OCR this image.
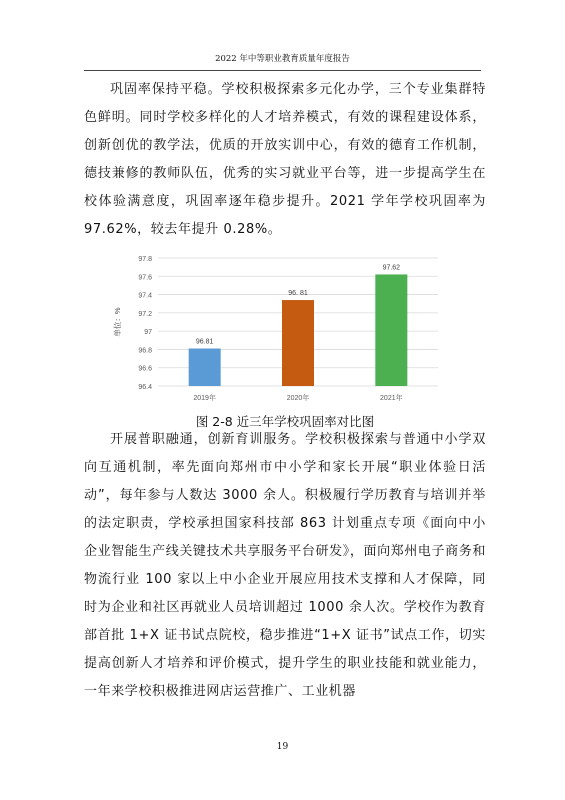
2022 年中等职业教育质量年度报告

巩固率保持平稳。学校积极探索多元化办学，三个专业集群特色鲜明。同时学校多样化的人才培养模式，有效的课程建设体系，创新创优的教学法，优质的开放实训中心，有效的德育工作机制，德技兼修的教师队伍，优秀的实习就业平台等，进一步提高学生在校体验满意度，巩固率逐年稳步提升。2021 学年学校巩固率为 97.62%，较去年提升 0.28%。

96.4
96.6
96.8
97
97.2
97.4
97.6
97.8
单位：%
96.81
2019年
96. 81
2020年
97.62
2021年
图 2-8 近三年学校巩固率对比图

开展普职融通，创新育训服务。学校积极探索与普通中小学双向互通机制，率先面向郑州市中小学和家长开展“职业体验日活动”，每年参与人数达 3000 余人。积极履行学历教育与培训并举的法定职责，学校承担国家科技部 863 计划重点专项《面向中小企业智能生产线关键技术共享服务平台研发》，面向郑州电子商务和物流行业 100 家以上中小企业开展应用技术支撑和人才保障，同时为企业和社区再就业人员培训超过 1000 余人次。学校作为教育部首批 1+X 证书试点院校，稳步推进“1+X 证书”试点工作，切实提高创新人才培养和评价模式，提升学生的职业技能和就业能力，一年来学校积极推进网店运营推广、工业机器

19
